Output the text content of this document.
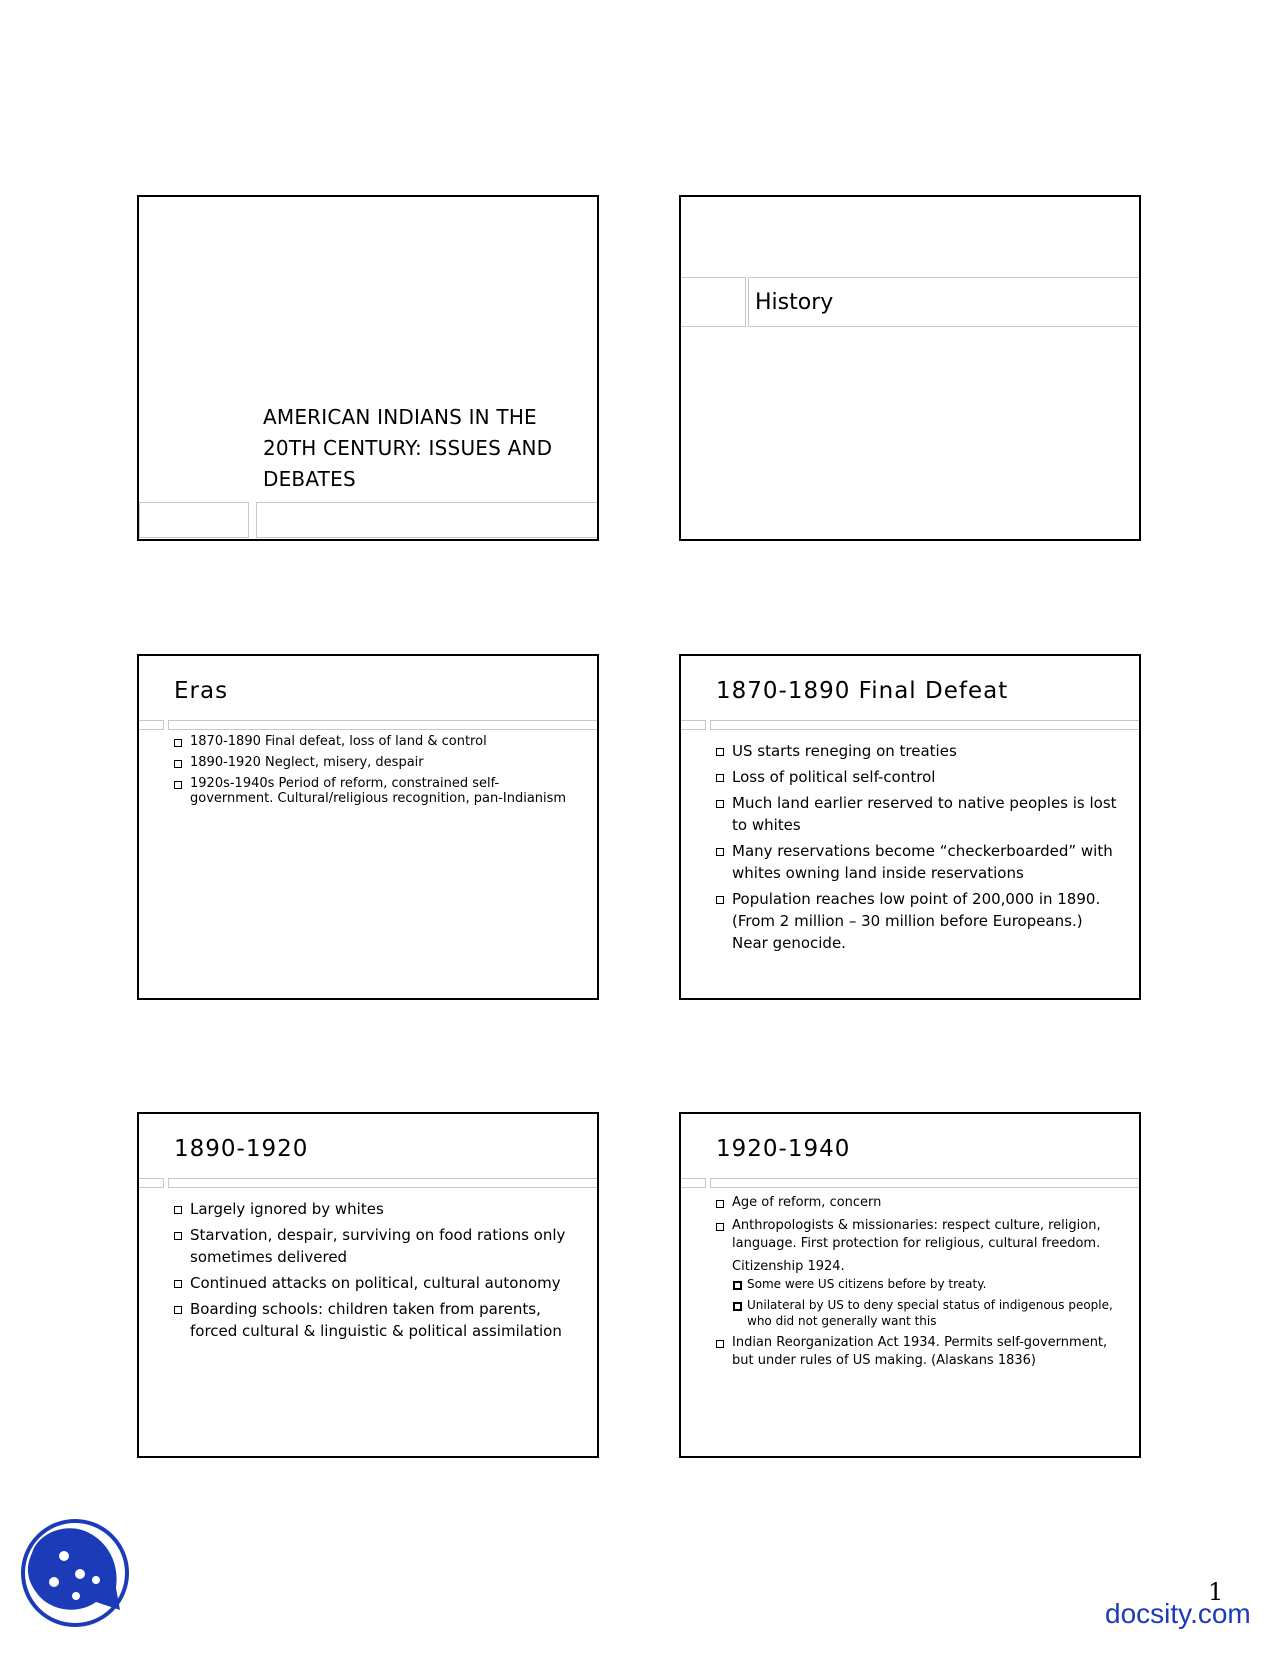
AMERICAN INDIANS IN THE 20TH CENTURY: ISSUES AND DEBATES
History
Eras
1870-1890 Final defeat, loss of land & control
1890-1920 Neglect, misery, despair
1920s-1940s Period of reform, constrained self-government. Cultural/religious recognition, pan-Indianism
1870-1890 Final Defeat
US starts reneging on treaties
Loss of political self-control
Much land earlier reserved to native peoples is lost to whites
Many reservations become “checkerboarded” with whites owning land inside reservations
Population reaches low point of 200,000 in 1890. (From 2 million – 30 million before Europeans.) Near genocide.
1890-1920
Largely ignored by whites
Starvation, despair, surviving on food rations only sometimes delivered
Continued attacks on political, cultural autonomy
Boarding schools: children taken from parents, forced cultural & linguistic & political assimilation
1920-1940
Age of reform, concern
Anthropologists & missionaries: respect culture, religion, language. First protection for religious, cultural freedom.
Citizenship 1924.
Some were US citizens before by treaty.
Unilateral by US to deny special status of indigenous people, who did not generally want this
Indian Reorganization Act 1934. Permits self-government, but under rules of US making. (Alaskans 1836)
1
docsity.com
